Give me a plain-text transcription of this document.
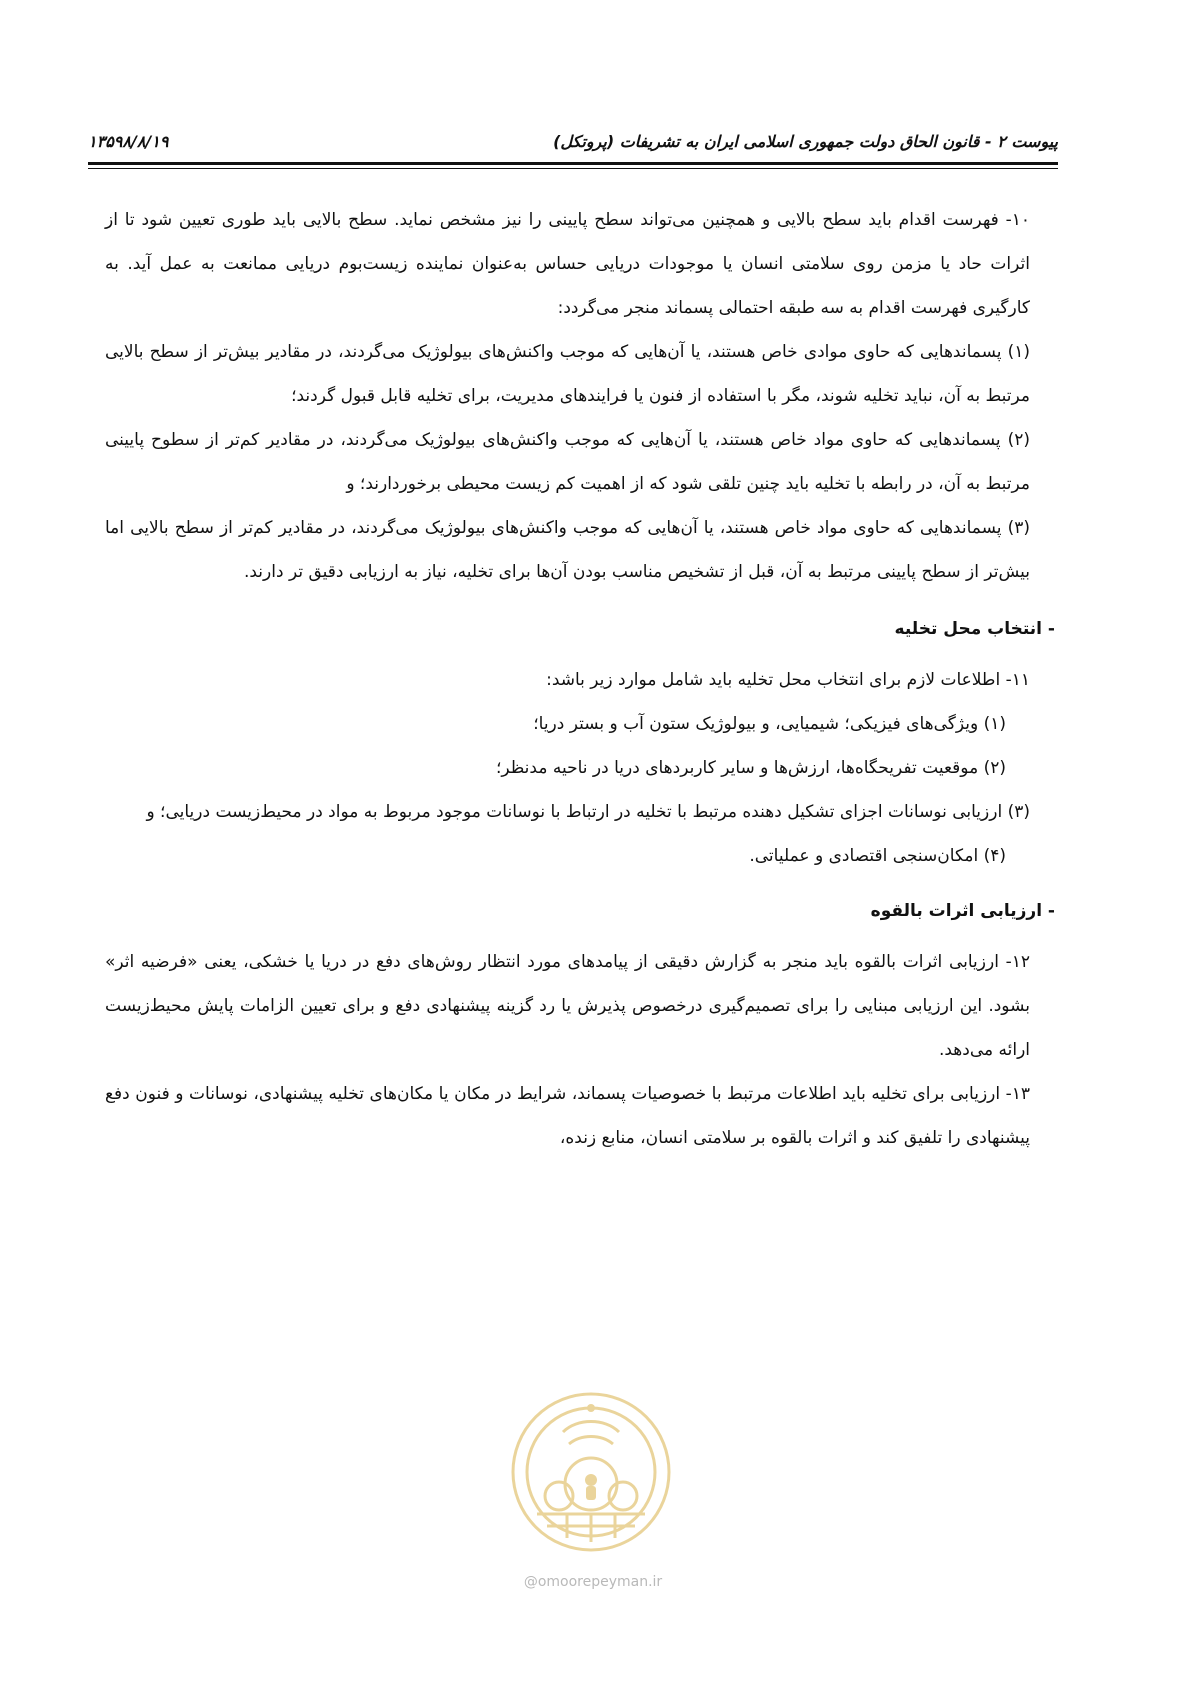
پیوست ۲ - قانون الحاق دولت جمهوری اسلامی ایران به تشریفات (پروتکل)
۱۳۵۹۸/۸/۱۹

۱۰- فهرست اقدام باید سطح بالایی و همچنین می‌تواند سطح پایینی را نیز مشخص نماید. سطح بالایی باید طوری تعیین شود تا از اثرات حاد یا مزمن روی سلامتی انسان یا موجودات دریایی حساس به‌عنوان نماینده زیست‌بوم دریایی ممانعت به عمل آید. به کارگیری فهرست اقدام به سه طبقه احتمالی پسماند منجر می‌گردد:

(۱) پسماندهایی که حاوی موادی خاص هستند، یا آن‌هایی که موجب واکنش‌های بیولوژیک می‌گردند، در مقادیر بیش‌تر از سطح بالایی مرتبط به آن، نباید تخلیه شوند، مگر با استفاده از فنون یا فرایندهای مدیریت، برای تخلیه قابل قبول گردند؛

(۲) پسماندهایی که حاوی مواد خاص هستند، یا آن‌هایی که موجب واکنش‌های بیولوژیک می‌گردند، در مقادیر کم‌تر از سطوح پایینی مرتبط به آن، در رابطه با تخلیه باید چنین تلقی شود که از اهمیت کم زیست محیطی برخوردارند؛ و

(۳) پسماندهایی که حاوی مواد خاص هستند، یا آن‌هایی که موجب واکنش‌های بیولوژیک می‌گردند، در مقادیر کم‌تر از سطح بالایی اما بیش‌تر از سطح پایینی مرتبط به آن، قبل از تشخیص مناسب بودن آن‌ها برای تخلیه، نیاز به ارزیابی دقیق تر دارند.

- انتخاب محل تخلیه

۱۱- اطلاعات لازم برای انتخاب محل تخلیه باید شامل موارد زیر باشد:

(۱) ویژگی‌های فیزیکی؛ شیمیایی، و بیولوژیک ستون آب و بستر دریا؛

(۲) موقعیت تفریحگاه‌ها، ارزش‌ها و سایر کاربردهای دریا در ناحیه مدنظر؛

(۳) ارزیابی نوسانات اجزای تشکیل دهنده مرتبط با تخلیه در ارتباط با نوسانات موجود مربوط به مواد در محیط‌زیست دریایی؛ و

(۴) امکان‌سنجی اقتصادی و عملیاتی.

- ارزیابی اثرات بالقوه

۱۲- ارزیابی اثرات بالقوه باید منجر به گزارش دقیقی از پیامدهای مورد انتظار روش‌های دفع در دریا یا خشکی، یعنی «فرضیه اثر» بشود. این ارزیابی مبنایی را برای تصمیم‌گیری درخصوص پذیرش یا رد گزینه پیشنهادی دفع و برای تعیین الزامات پایش محیط‌زیست ارائه می‌دهد.

۱۳- ارزیابی برای تخلیه باید اطلاعات مرتبط با خصوصیات پسماند، شرایط در مکان یا مکان‌های تخلیه پیشنهادی، نوسانات و فنون دفع پیشنهادی را تلفیق کند و اثرات بالقوه بر سلامتی انسان، منابع زنده،

@omoorepeyman.ir
